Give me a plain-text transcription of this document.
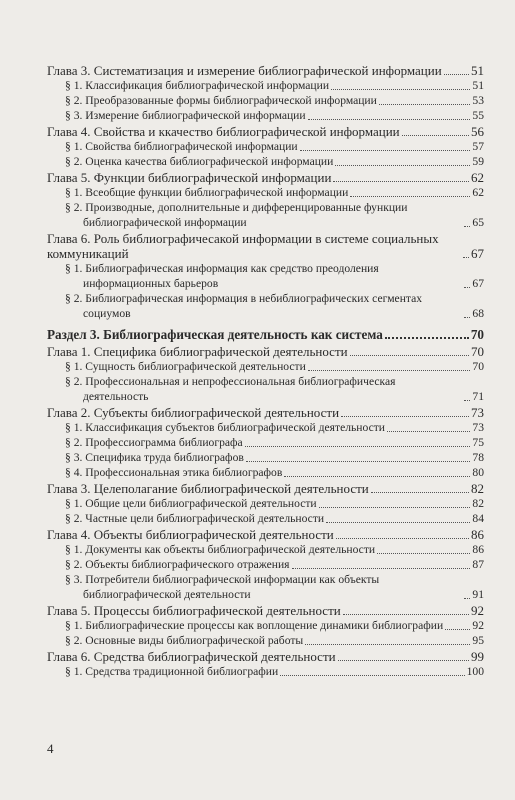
Глава 3. Систематизация и измерение библиографической информации 51
§ 1. Классификация библиографической информации	51
§ 2. Преобразованные формы библиографической информации	53
§ 3. Измерение библиографической информации	55
Глава 4. Свойства и ккачество библиографической информации	56
§ 1. Свойства библиографической информации	57
§ 2. Оценка качества библиографической информации	59
Глава 5. Функции библиографической информации	62
§ 1. Всеобщие функции библиографической информации	62
§ 2. Производные, дополнительные и дифференцированные функции библиографической информации	65
Глава 6. Роль библиографичесакой информации в системе социальных коммуникаций	67
§ 1. Библиографическая информация как средство преодоления информационных барьеров	67
§ 2. Библиографическая информация в небиблиографических сегментах социумов	68
Раздел 3. Библиографическая деятельность как система	70
Глава 1. Специфика библиографической деятельности	70
§ 1. Сущность библиографической деятельности	70
§ 2. Профессиональная и непрофессиональная библиографическая деятельность	71
Глава 2. Субъекты библиографической деятельности	73
§ 1. Классификация субъектов библиографической деятельности	73
§ 2. Профессиограмма библиографа	75
§ 3. Специфика труда библиографов	78
§ 4. Профессиональная этика библиографов	80
Глава 3. Целеполагание библиографической деятельности	82
§ 1. Общие цели библиографической деятельности	82
§ 2. Частные цели библиографической деятельности	84
Глава 4. Объекты библиографической деятельности	86
§ 1. Документы как объекты библиографической деятельности	86
§ 2. Объекты библиографического отражения	87
§ 3. Потребители библиографической информации как объекты библиографической деятельности	91
Глава 5. Процессы библиографической деятельности	92
§ 1. Библиографические процессы как воплощение динамики библиографии	92
§ 2. Основные виды библиографической работы	95
Глава 6. Средства библиографической деятельности	99
§ 1. Средства традиционной библиографии	100
4
